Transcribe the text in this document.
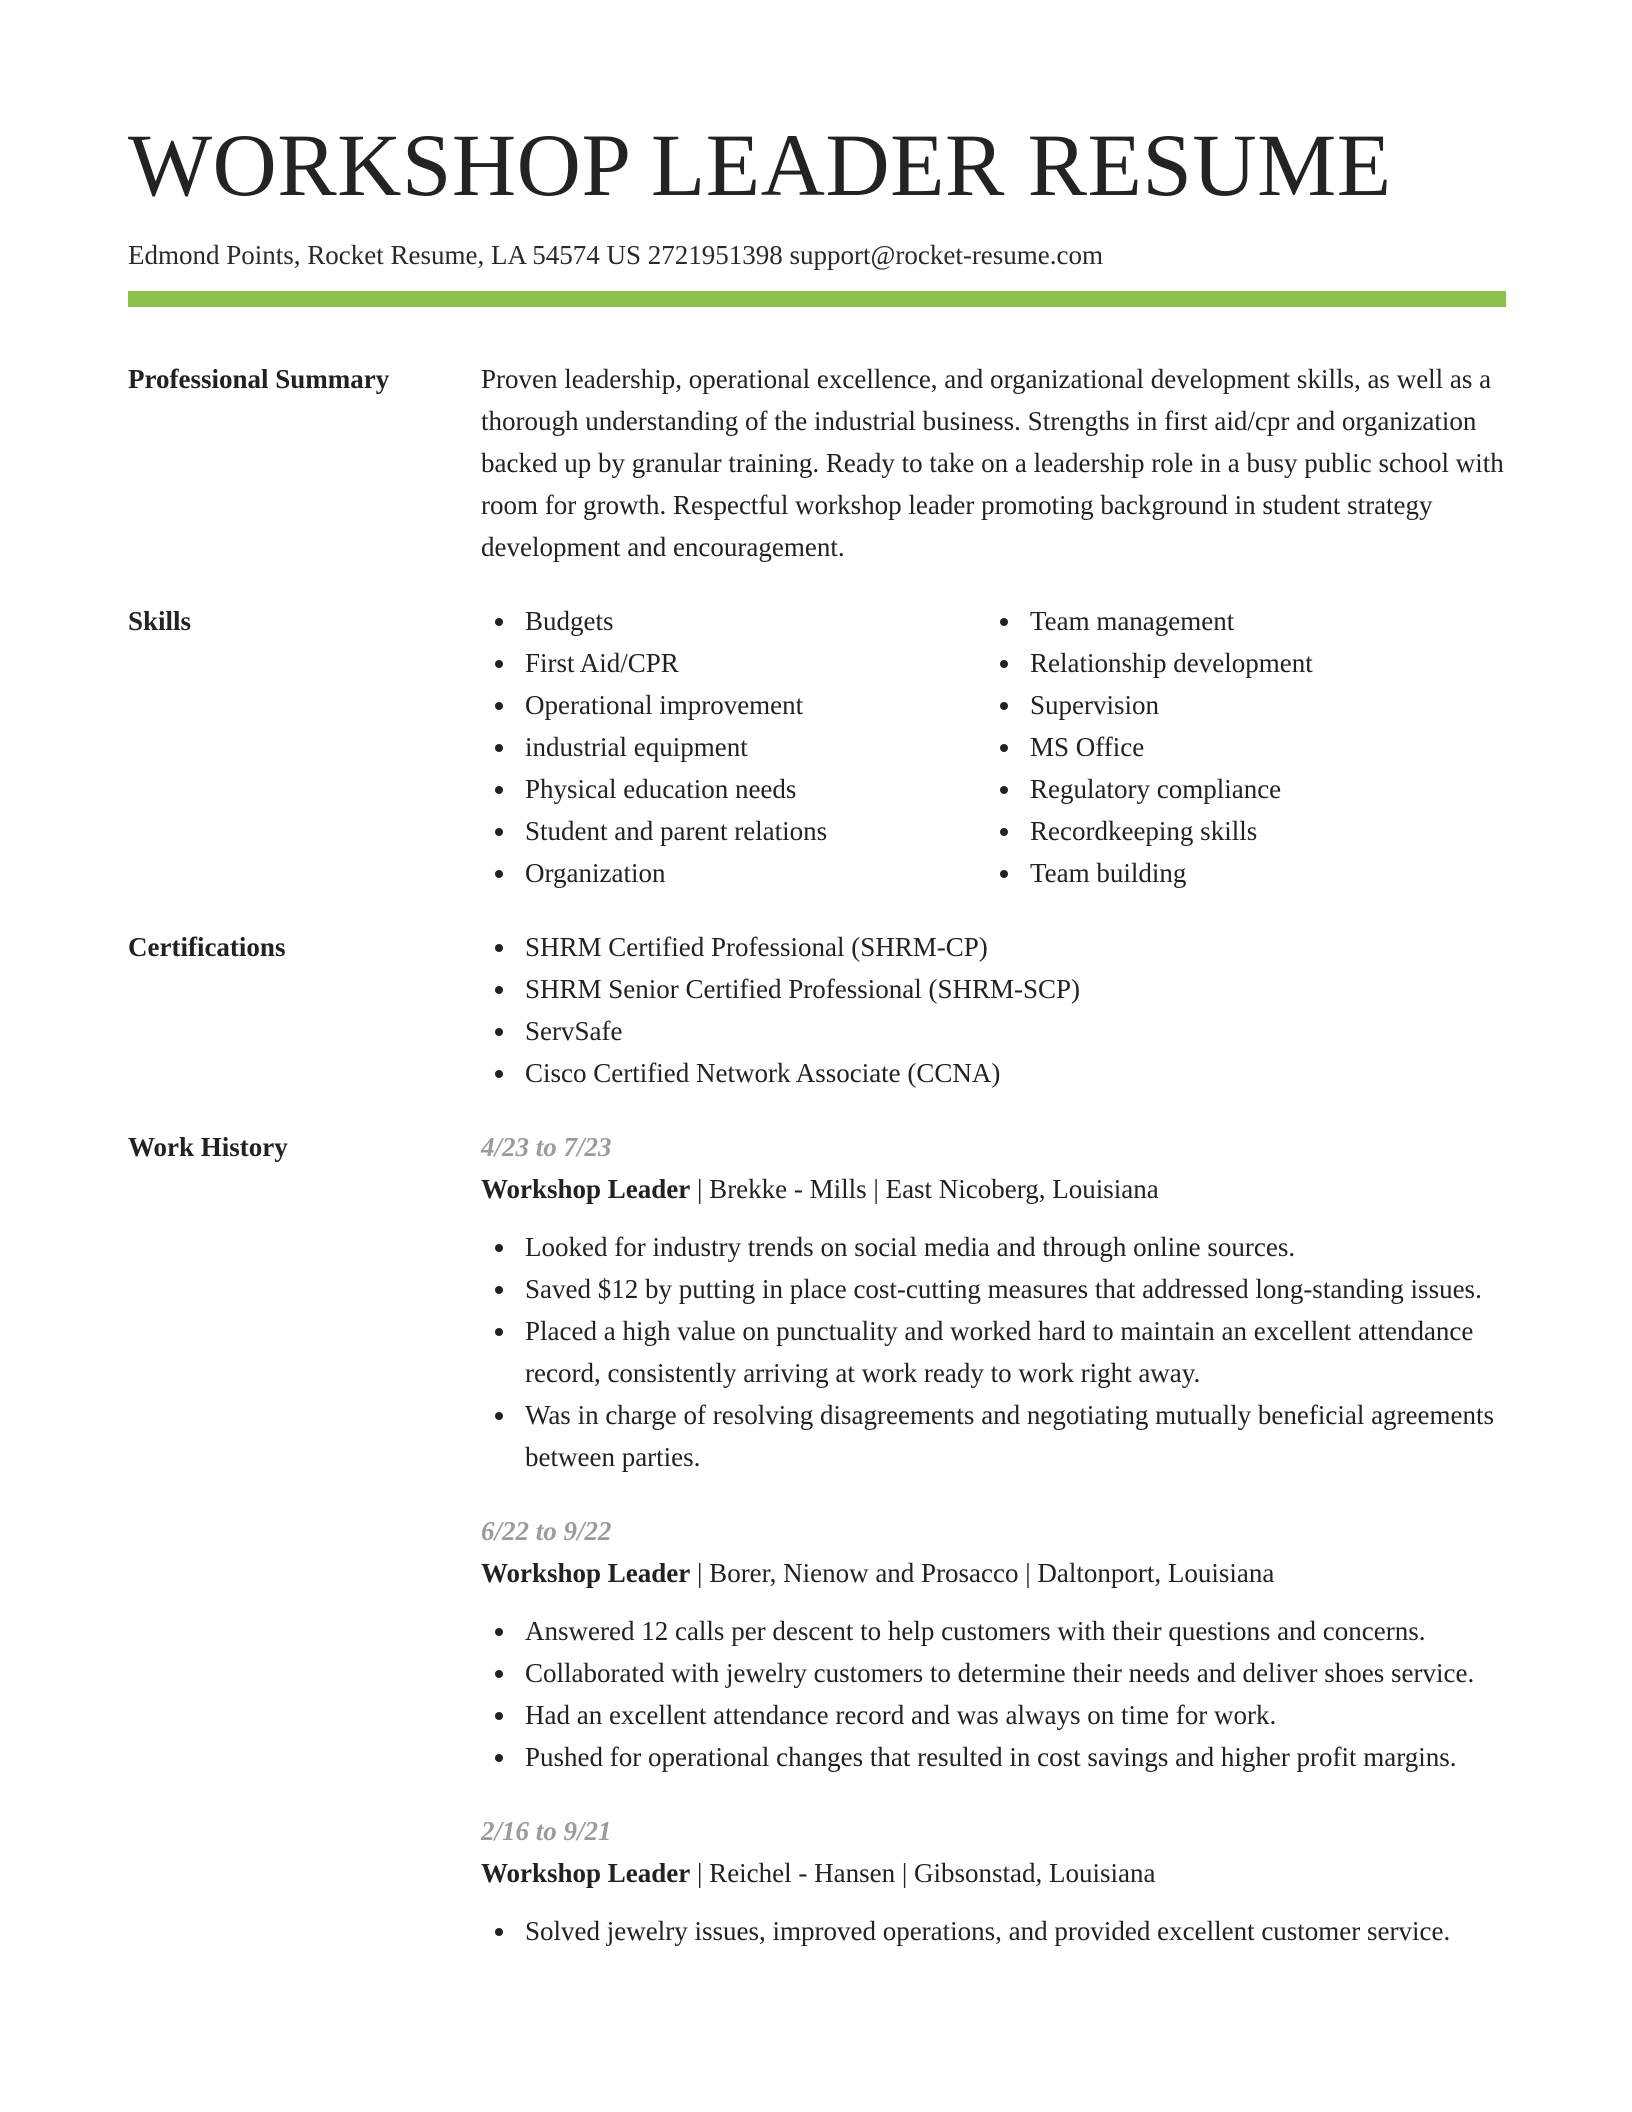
WORKSHOP LEADER RESUME
Edmond Points, Rocket Resume, LA 54574 US 2721951398 support@rocket-resume.com
Professional Summary	Proven leadership, operational excellence, and organizational development skills, as well as a thorough understanding of the industrial business. Strengths in first aid/cpr and organization backed up by granular training. Ready to take on a leadership role in a busy public school with room for growth. Respectful workshop leader promoting background in student strategy development and encouragement.

Skills	Budgets
First Aid/CPR
Operational improvement
industrial equipment
Physical education needs
Student and parent relations
Organization
Team management
Relationship development
Supervision
MS Office
Regulatory compliance
Recordkeeping skills
Team building
Certifications	SHRM Certified Professional (SHRM-CP)
SHRM Senior Certified Professional (SHRM-SCP)
ServSafe
Cisco Certified Network Associate (CCNA)
Work History	4/23 to 7/23
Workshop Leader | Brekke - Mills | East Nicoberg, Louisiana
Looked for industry trends on social media and through online sources.
Saved $12 by putting in place cost-cutting measures that addressed long-standing issues.
Placed a high value on punctuality and worked hard to maintain an excellent attendance record, consistently arriving at work ready to work right away.
Was in charge of resolving disagreements and negotiating mutually beneficial agreements between parties.
6/22 to 9/22
Workshop Leader | Borer, Nienow and Prosacco | Daltonport, Louisiana
Answered 12 calls per descent to help customers with their questions and concerns.
Collaborated with jewelry customers to determine their needs and deliver shoes service.
Had an excellent attendance record and was always on time for work.
Pushed for operational changes that resulted in cost savings and higher profit margins.
2/16 to 9/21
Workshop Leader | Reichel - Hansen | Gibsonstad, Louisiana
Solved jewelry issues, improved operations, and provided excellent customer service.
